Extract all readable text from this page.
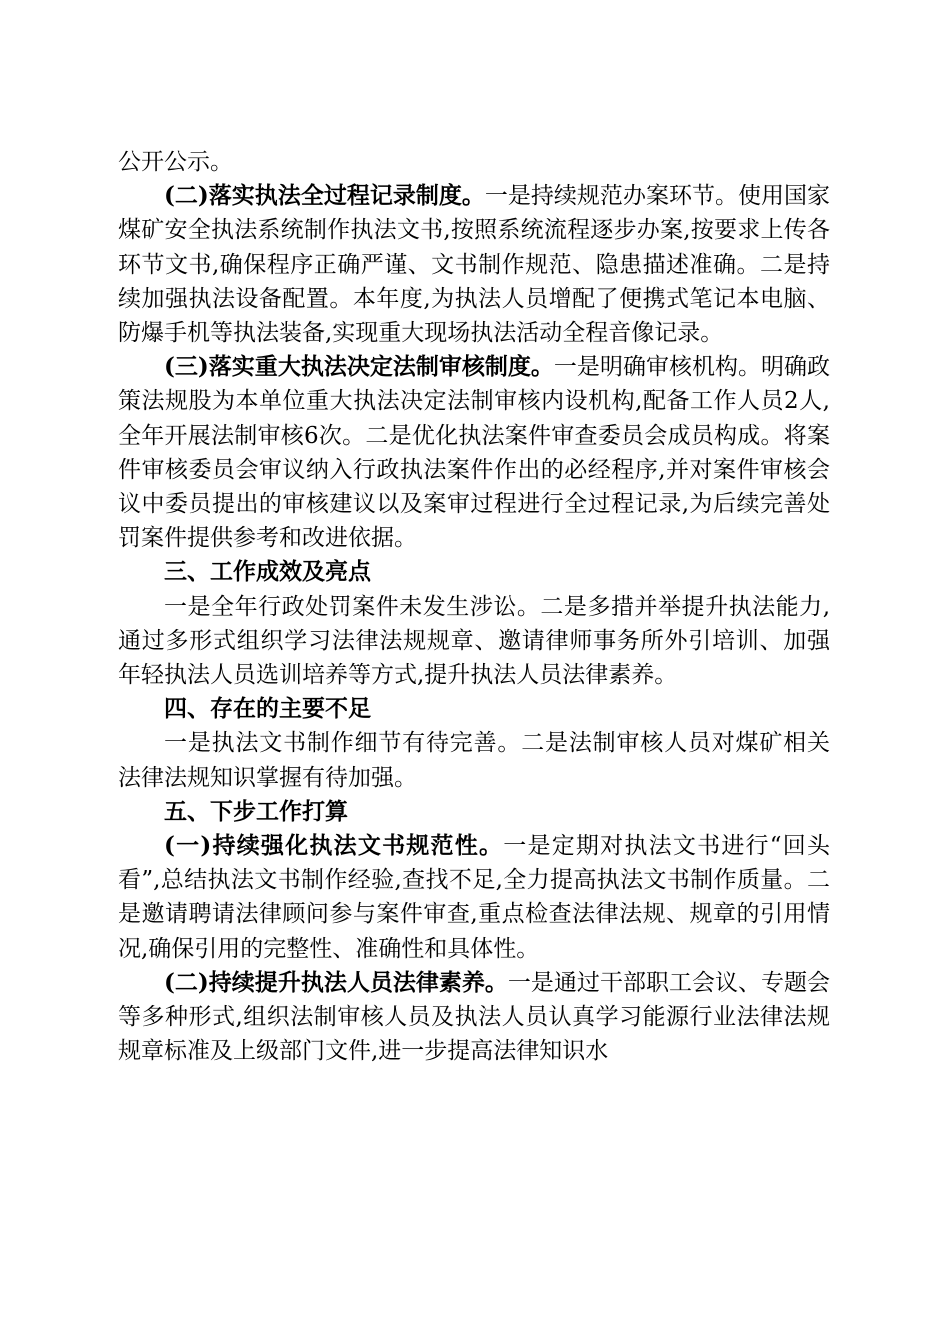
公开公示。

(二)落实执法全过程记录制度。一是持续规范办案环节。使用国家煤矿安全执法系统制作执法文书,按照系统流程逐步办案,按要求上传各环节文书,确保程序正确严谨、文书制作规范、隐患描述准确。二是持续加强执法设备配置。本年度,为执法人员增配了便携式笔记本电脑、防爆手机等执法装备,实现重大现场执法活动全程音像记录。

(三)落实重大执法决定法制审核制度。一是明确审核机构。明确政策法规股为本单位重大执法决定法制审核内设机构,配备工作人员2人,全年开展法制审核6次。二是优化执法案件审查委员会成员构成。将案件审核委员会审议纳入行政执法案件作出的必经程序,并对案件审核会议中委员提出的审核建议以及案审过程进行全过程记录,为后续完善处罚案件提供参考和改进依据。

三、工作成效及亮点

一是全年行政处罚案件未发生涉讼。二是多措并举提升执法能力,通过多形式组织学习法律法规规章、邀请律师事务所外引培训、加强年轻执法人员选训培养等方式,提升执法人员法律素养。

四、存在的主要不足

一是执法文书制作细节有待完善。二是法制审核人员对煤矿相关法律法规知识掌握有待加强。

五、下步工作打算

(一)持续强化执法文书规范性。一是定期对执法文书进行“回头看”,总结执法文书制作经验,查找不足,全力提高执法文书制作质量。二是邀请聘请法律顾问参与案件审查,重点检查法律法规、规章的引用情况,确保引用的完整性、准确性和具体性。

(二)持续提升执法人员法律素养。一是通过干部职工会议、专题会等多种形式,组织法制审核人员及执法人员认真学习能源行业法律法规规章标准及上级部门文件,进一步提高法律知识水
